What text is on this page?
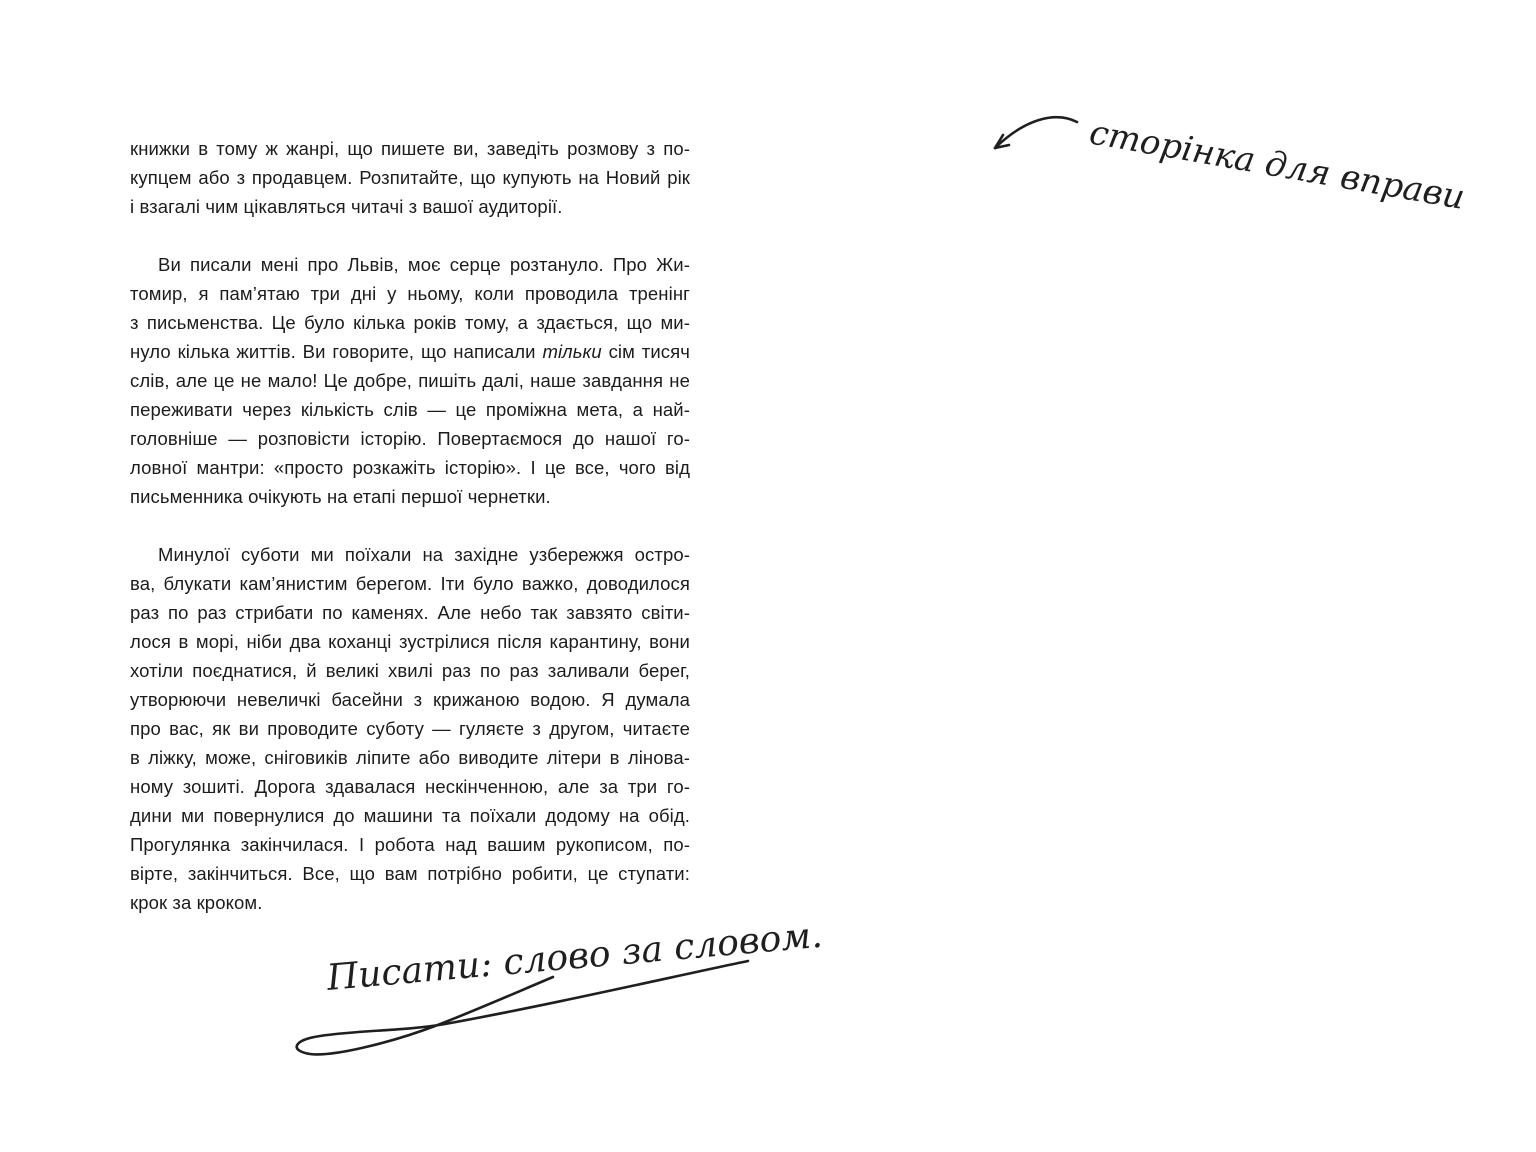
книжки в тому ж жанрі, що пишете ви, заведіть розмову з по-
купцем або з продавцем. Розпитайте, що купують на Новий рік
і взагалі чим цікавляться читачі з вашої аудиторії.
Ви писали мені про Львів, моє серце розтануло. Про Жи-
томир, я пам’ятаю три дні у ньому, коли проводила тренінг
з письменства. Це було кілька років тому, а здається, що ми-
нуло кілька життів. Ви говорите, що написали тільки сім тисяч
слів, але це не мало! Це добре, пишіть далі, наше завдання не
переживати через кількість слів — це проміжна мета, а най-
головніше — розповісти історію. Повертаємося до нашої го-
ловної мантри: «просто розкажіть історію». І це все, чого від
письменника очікують на етапі першої чернетки.
Минулої суботи ми поїхали на західне узбережжя остро-
ва, блукати кам’янистим берегом. Іти було важко, доводилося
раз по раз стрибати по каменях. Але небо так завзято світи-
лося в морі, ніби два коханці зустрілися після карантину, вони
хотіли поєднатися, й великі хвилі раз по раз заливали берег,
утворюючи невеличкі басейни з крижаною водою. Я думала
про вас, як ви проводите суботу — гуляєте з другом, читаєте
в ліжку, може, сніговиків ліпите або виводите літери в лінова-
ному зошиті. Дорога здавалася нескінченною, але за три го-
дини ми повернулися до машини та поїхали додому на обід.
Прогулянка закінчилася. І робота над вашим рукописом, по-
вірте, закінчиться. Все, що вам потрібно робити, це ступати:
крок за кроком.
Писати: слово за словом.
сторінка для вправи
